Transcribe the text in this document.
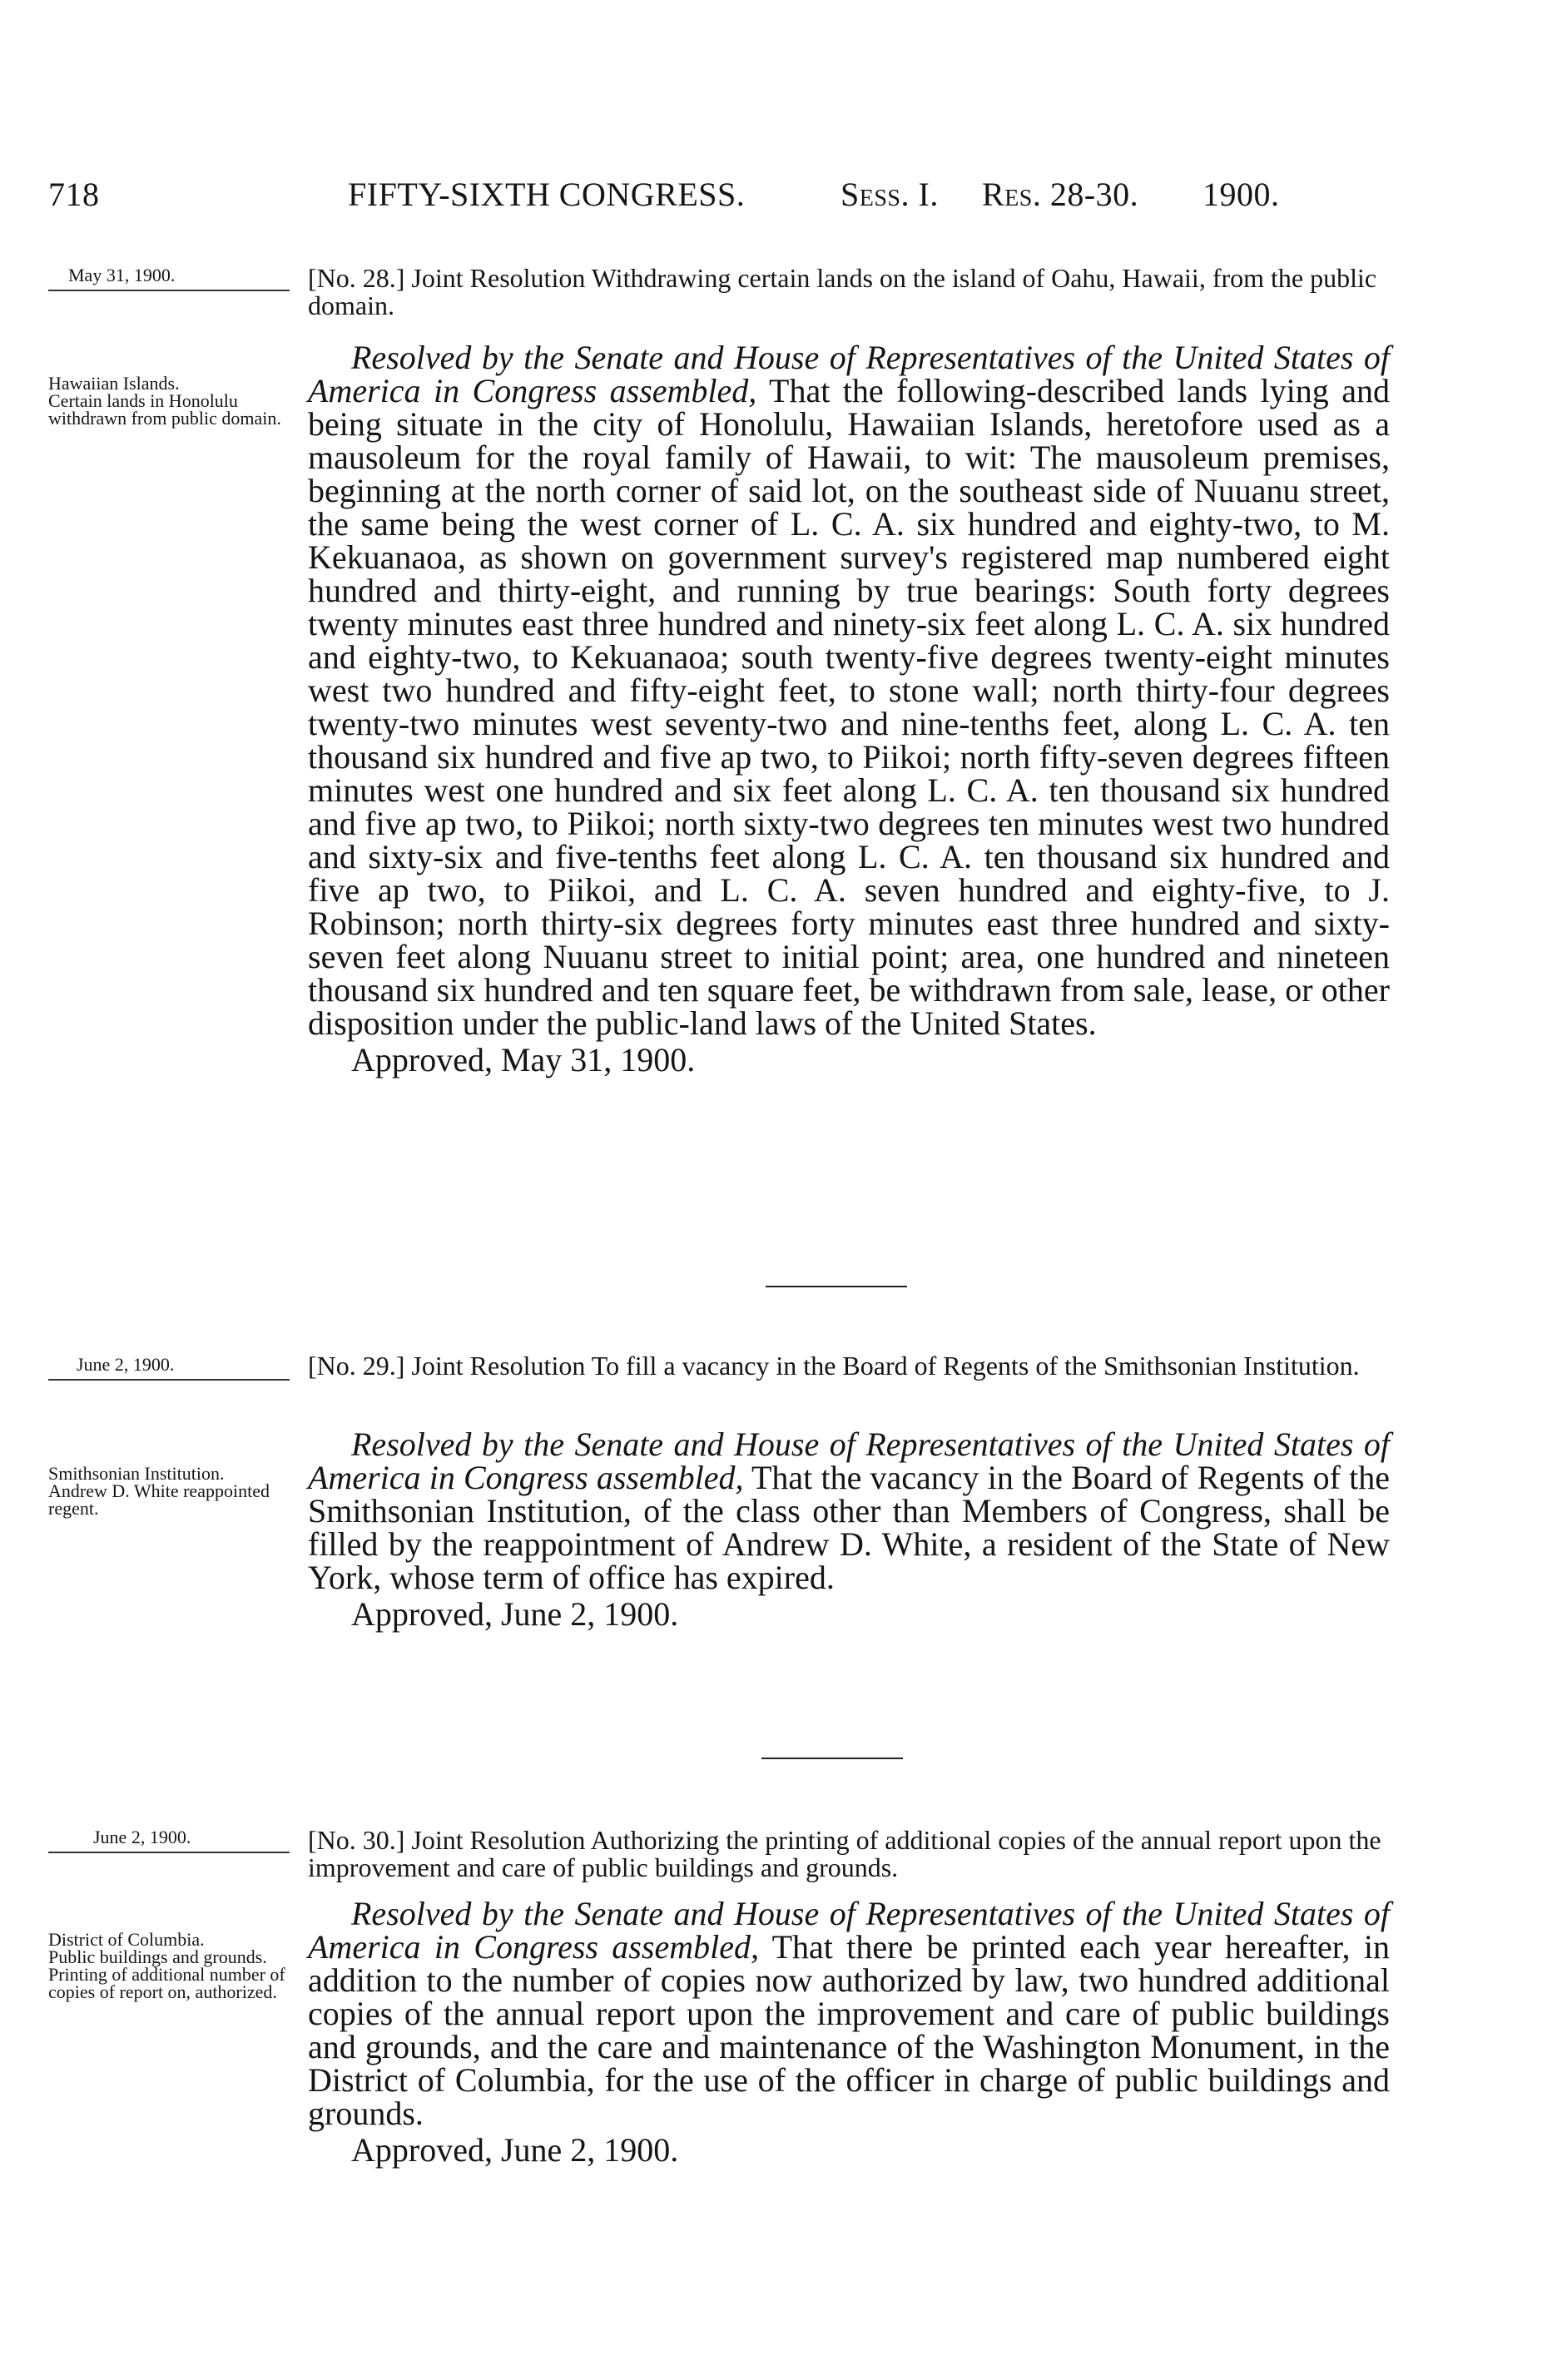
718	FIFTY-SIXTH CONGRESS.	Sess. I. Res. 28-30. 1900.
May 31, 1900.	[No. 28.] Joint Resolution Withdrawing certain lands on the island of Oahu, Hawaii, from the public domain.
Hawaiian Islands.
Certain lands in Honolulu withdrawn from public domain.

Resolved by the Senate and House of Representatives of the United States of America in Congress assembled, That the following-described lands lying and being situate in the city of Honolulu, Hawaiian Islands, heretofore used as a mausoleum for the royal family of Hawaii, to wit: The mausoleum premises, beginning at the north corner of said lot, on the southeast side of Nuuanu street, the same being the west corner of L. C. A. six hundred and eighty-two, to M. Kekuanaoa, as shown on government survey's registered map numbered eight hundred and thirty-eight, and running by true bearings: South forty degrees twenty minutes east three hundred and ninety-six feet along L. C. A. six hundred and eighty-two, to Kekuanaoa; south twenty-five degrees twenty-eight minutes west two hundred and fifty-eight feet, to stone wall; north thirty-four degrees twenty-two minutes west seventy-two and nine-tenths feet, along L. C. A. ten thousand six hundred and five ap two, to Piikoi; north fifty-seven degrees fifteen minutes west one hundred and six feet along L. C. A. ten thousand six hundred and five ap two, to Piikoi; north sixty-two degrees ten minutes west two hundred and sixty-six and five-tenths feet along L. C. A. ten thousand six hundred and five ap two, to Piikoi, and L. C. A. seven hundred and eighty-five, to J. Robinson; north thirty-six degrees forty minutes east three hundred and sixty-seven feet along Nuuanu street to initial point; area, one hundred and nineteen thousand six hundred and ten square feet, be withdrawn from sale, lease, or other disposition under the public-land laws of the United States.

Approved, May 31, 1900.

June 2, 1900.	[No. 29.] Joint Resolution To fill a vacancy in the Board of Regents of the Smithsonian Institution.
Smithsonian Institution.
Andrew D. White reappointed regent.

Resolved by the Senate and House of Representatives of the United States of America in Congress assembled, That the vacancy in the Board of Regents of the Smithsonian Institution, of the class other than Members of Congress, shall be filled by the reappointment of Andrew D. White, a resident of the State of New York, whose term of office has expired.

Approved, June 2, 1900.

June 2, 1900.	[No. 30.] Joint Resolution Authorizing the printing of additional copies of the annual report upon the improvement and care of public buildings and grounds.
District of Columbia.
Public buildings and grounds.
Printing of additional number of copies of report on, authorized.

Resolved by the Senate and House of Representatives of the United States of America in Congress assembled, That there be printed each year hereafter, in addition to the number of copies now authorized by law, two hundred additional copies of the annual report upon the improvement and care of public buildings and grounds, and the care and maintenance of the Washington Monument, in the District of Columbia, for the use of the officer in charge of public buildings and grounds.

Approved, June 2, 1900.
